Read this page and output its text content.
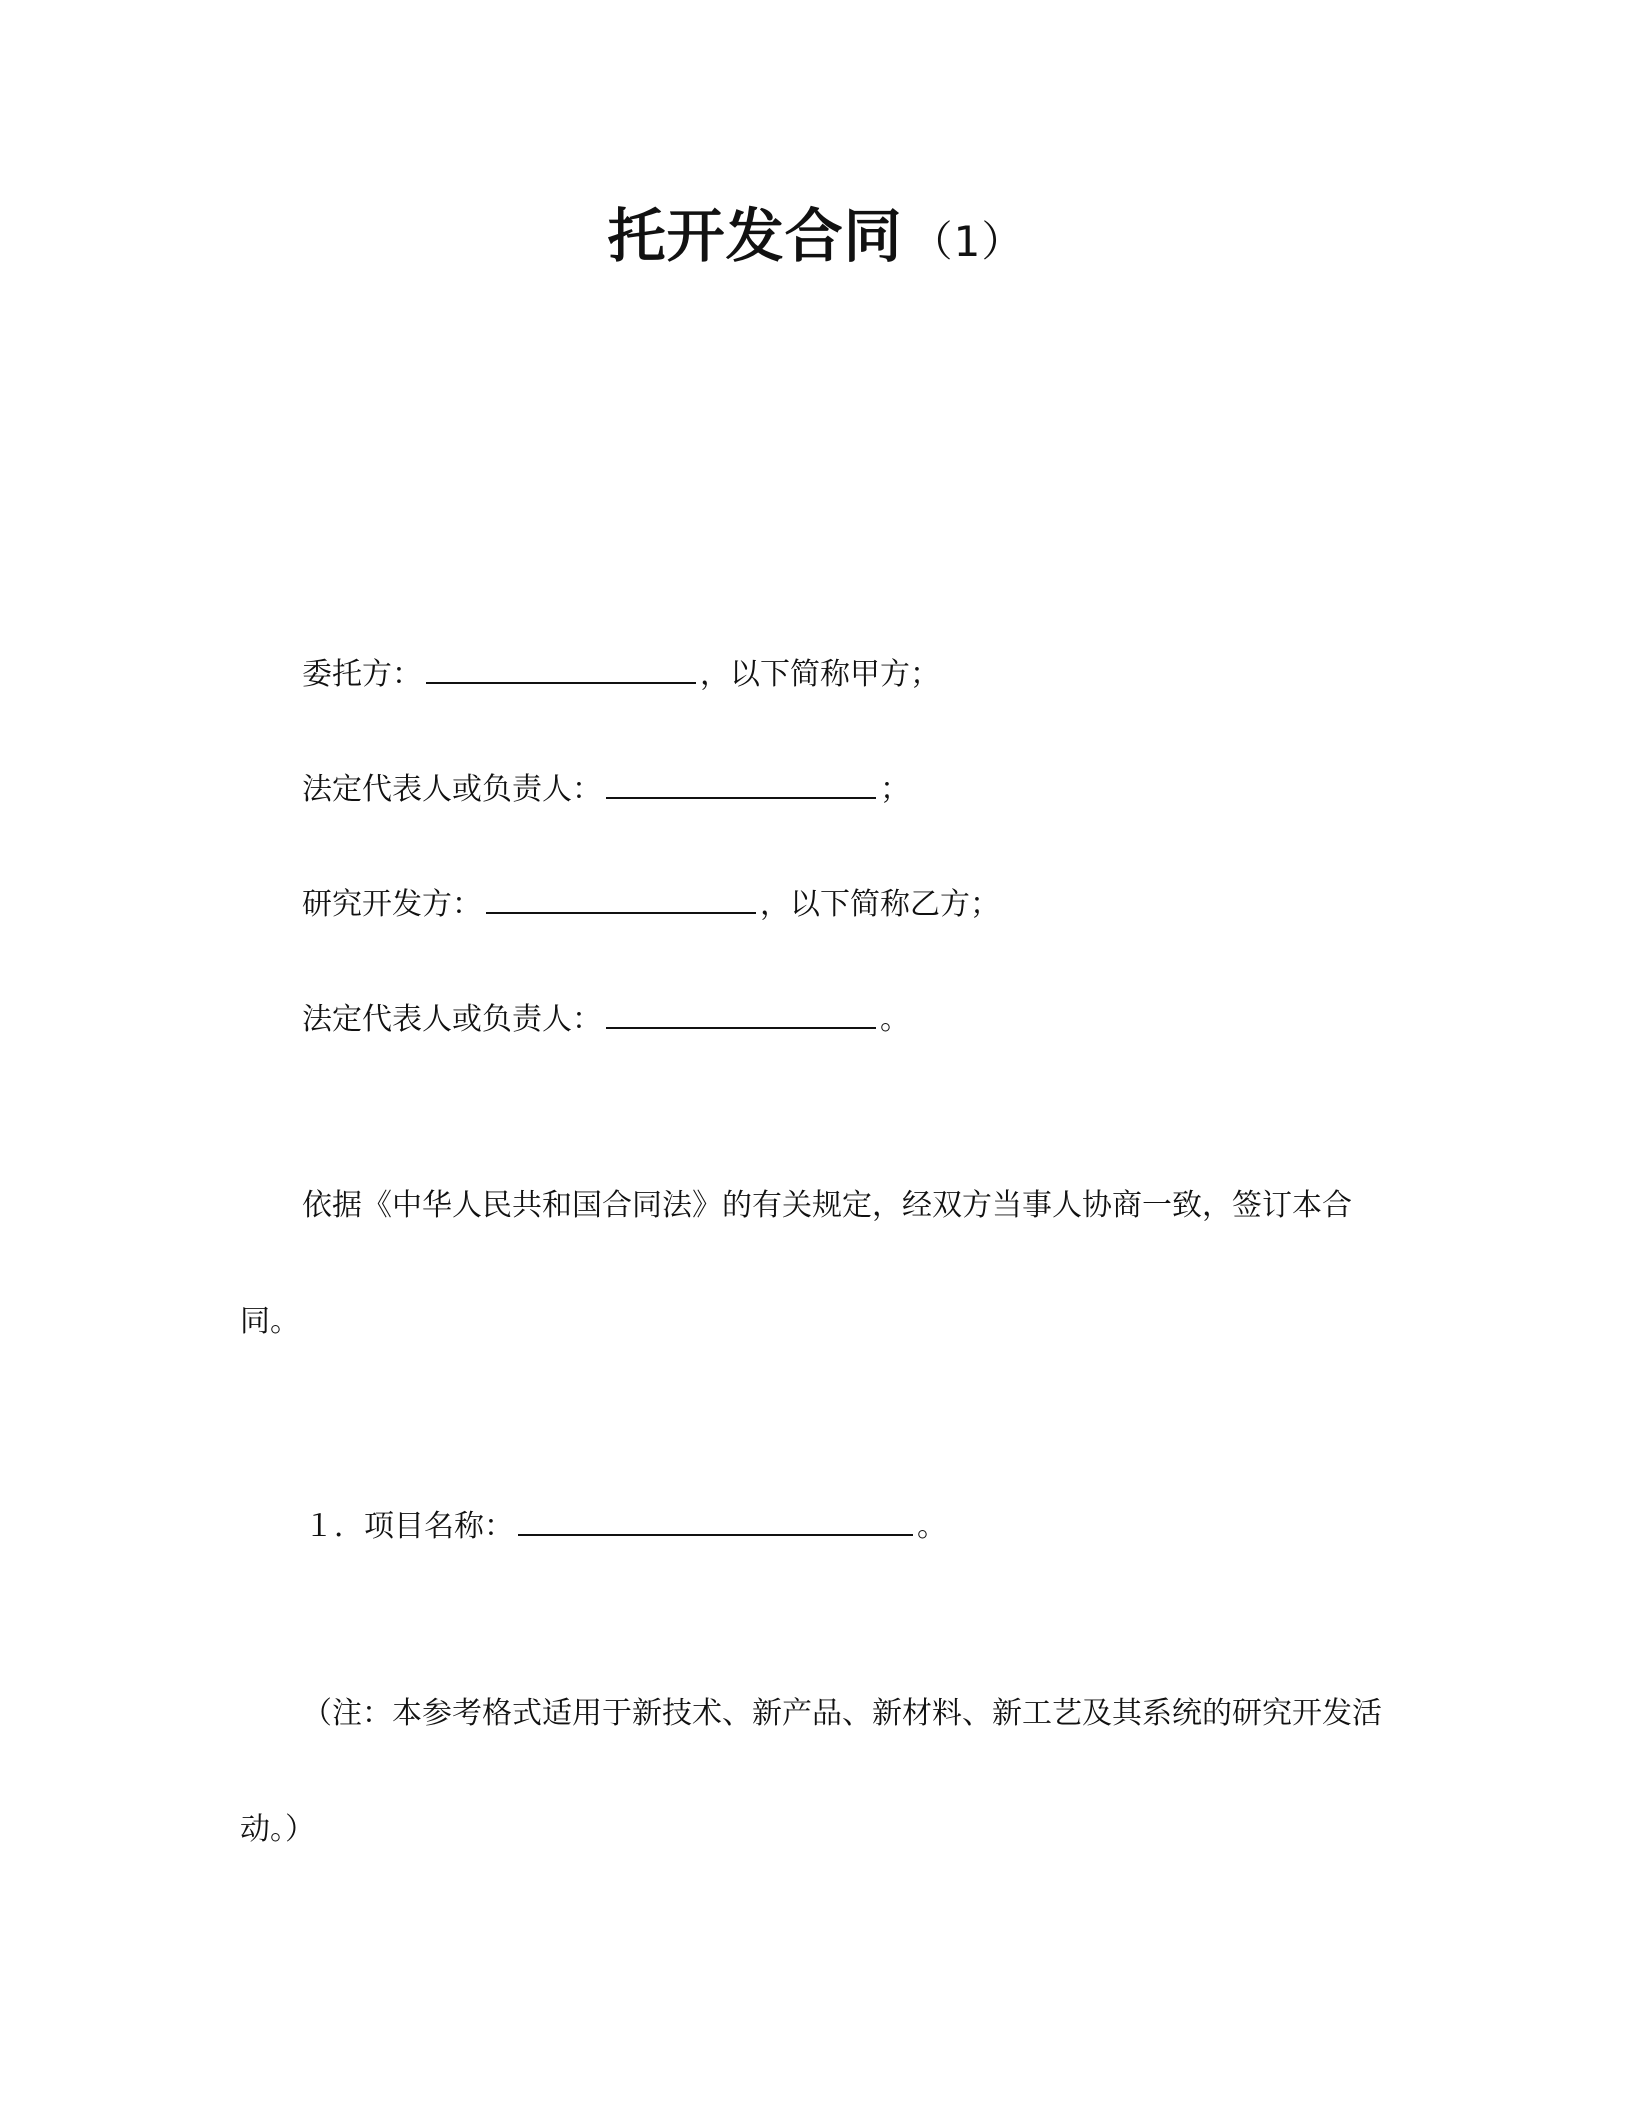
托开发合同 （1）
委托方：	，以下简称甲方；
法定代表人或负责人：	；
研究开发方：	，以下简称乙方；
法定代表人或负责人：	。
依据《中华人民共和国合同法》的有关规定，经双方当事人协商一致，签订本合同。
１．项目名称：	。
（注：本参考格式适用于新技术、新产品、新材料、新工艺及其系统的研究开发活动。）
